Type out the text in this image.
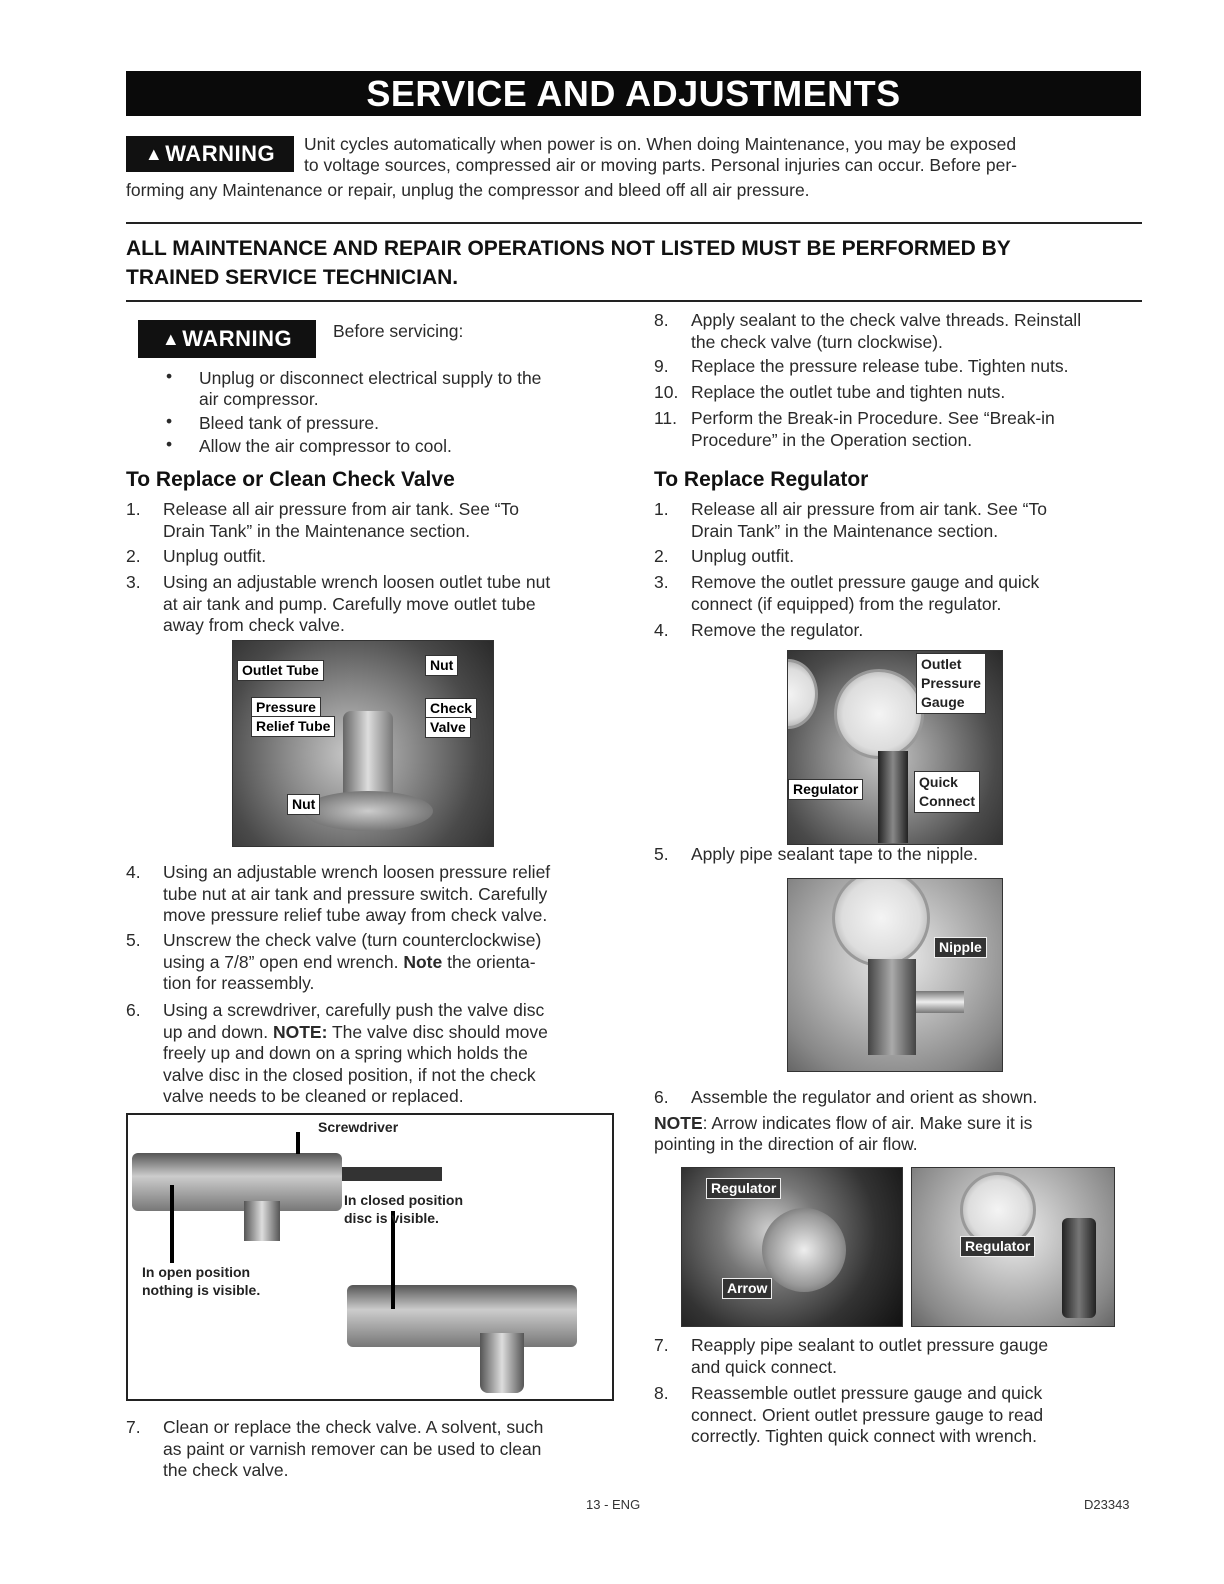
SERVICE AND ADJUSTMENTS
▲ WARNING Unit cycles automatically when power is on. When doing Maintenance, you may be exposed
to voltage sources, compressed air or moving parts. Personal injuries can occur. Before per-
forming any Maintenance or repair, unplug the compressor and bleed off all air pressure.
ALL MAINTENANCE AND REPAIR OPERATIONS NOT LISTED MUST BE PERFORMED BY
TRAINED SERVICE TECHNICIAN.
▲ WARNING Before servicing:
• Unplug or disconnect electrical supply to the
air compressor.
• Bleed tank of pressure.
• Allow the air compressor to cool.
To Replace or Clean Check Valve
1. Release all air pressure from air tank. See “To
Drain Tank” in the Maintenance section.
2. Unplug outfit.
3. Using an adjustable wrench loosen outlet tube nut
at air tank and pump. Carefully move outlet tube
away from check valve.
Outlet Tube	Nut
Pressure
Relief Tube
Check
Valve
Nut
4. Using an adjustable wrench loosen pressure relief
tube nut at air tank and pressure switch. Carefully
move pressure relief tube away from check valve.
5. Unscrew the check valve (turn counterclockwise)
using a 7/8” open end wrench. Note the orienta-
tion for reassembly.
6. Using a screwdriver, carefully push the valve disc
up and down. NOTE: The valve disc should move
freely up and down on a spring which holds the
valve disc in the closed position, if not the check
valve needs to be cleaned or replaced.
Screwdriver
In closed position
disc is visible.
In open position
nothing is visible.
7. Clean or replace the check valve. A solvent, such
as paint or varnish remover can be used to clean
the check valve.
8. Apply sealant to the check valve threads. Reinstall
the check valve (turn clockwise).
9. Replace the pressure release tube. Tighten nuts.
10. Replace the outlet tube and tighten nuts.
11. Perform the Break-in Procedure. See “Break-in
Procedure” in the Operation section.
To Replace Regulator
1. Release all air pressure from air tank. See “To
Drain Tank” in the Maintenance section.
2. Unplug outfit.
3. Remove the outlet pressure gauge and quick
connect (if equipped) from the regulator.
4. Remove the regulator.
Outlet
Pressure
Gauge
Regulator	Quick
Connect
5. Apply pipe sealant tape to the nipple.
Nipple
6. Assemble the regulator and orient as shown.
NOTE: Arrow indicates flow of air. Make sure it is
pointing in the direction of air flow.
Regulator
Arrow
Regulator
7. Reapply pipe sealant to outlet pressure gauge
and quick connect.
8. Reassemble outlet pressure gauge and quick
connect. Orient outlet pressure gauge to read
correctly. Tighten quick connect with wrench.
13 - ENG	D23343
